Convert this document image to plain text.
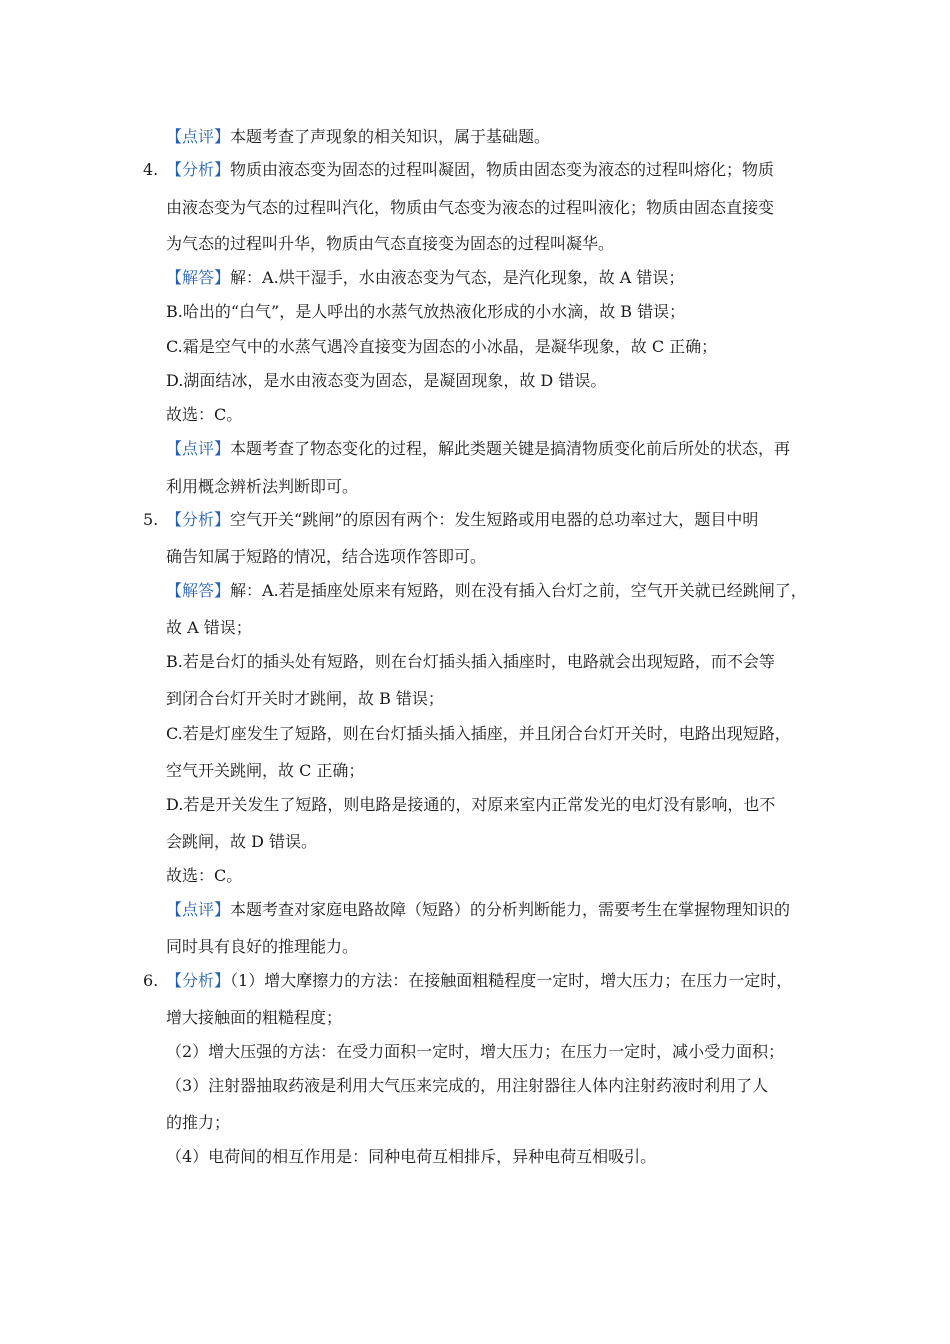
【点评】本题考查了声现象的相关知识，属于基础题。
4. 【分析】物质由液态变为固态的过程叫凝固，物质由固态变为液态的过程叫熔化；物质
由液态变为气态的过程叫汽化，物质由气态变为液态的过程叫液化；物质由固态直接变
为气态的过程叫升华，物质由气态直接变为固态的过程叫凝华。
【解答】解：A.烘干湿手，水由液态变为气态，是汽化现象，故 A 错误；
B.哈出的“白气”，是人呼出的水蒸气放热液化形成的小水滴，故 B 错误；
C.霜是空气中的水蒸气遇冷直接变为固态的小冰晶，是凝华现象，故 C 正确；
D.湖面结冰，是水由液态变为固态，是凝固现象，故 D 错误。
故选：C。
【点评】本题考查了物态变化的过程，解此类题关键是搞清物质变化前后所处的状态，再
利用概念辨析法判断即可。
5. 【分析】空气开关“跳闸”的原因有两个：发生短路或用电器的总功率过大，题目中明
确告知属于短路的情况，结合选项作答即可。
【解答】解：A.若是插座处原来有短路，则在没有插入台灯之前，空气开关就已经跳闸了，
故 A 错误；
B.若是台灯的插头处有短路，则在台灯插头插入插座时，电路就会出现短路，而不会等
到闭合台灯开关时才跳闸，故 B 错误；
C.若是灯座发生了短路，则在台灯插头插入插座，并且闭合台灯开关时，电路出现短路，
空气开关跳闸，故 C 正确；
D.若是开关发生了短路，则电路是接通的，对原来室内正常发光的电灯没有影响，也不
会跳闸，故 D 错误。
故选：C。
【点评】本题考查对家庭电路故障（短路）的分析判断能力，需要考生在掌握物理知识的
同时具有良好的推理能力。
6. 【分析】（1）增大摩擦力的方法：在接触面粗糙程度一定时，增大压力；在压力一定时，
增大接触面的粗糙程度；
（2）增大压强的方法：在受力面积一定时，增大压力；在压力一定时，减小受力面积；
（3）注射器抽取药液是利用大气压来完成的，用注射器往人体内注射药液时利用了人
的推力；
（4）电荷间的相互作用是：同种电荷互相排斥，异种电荷互相吸引。
